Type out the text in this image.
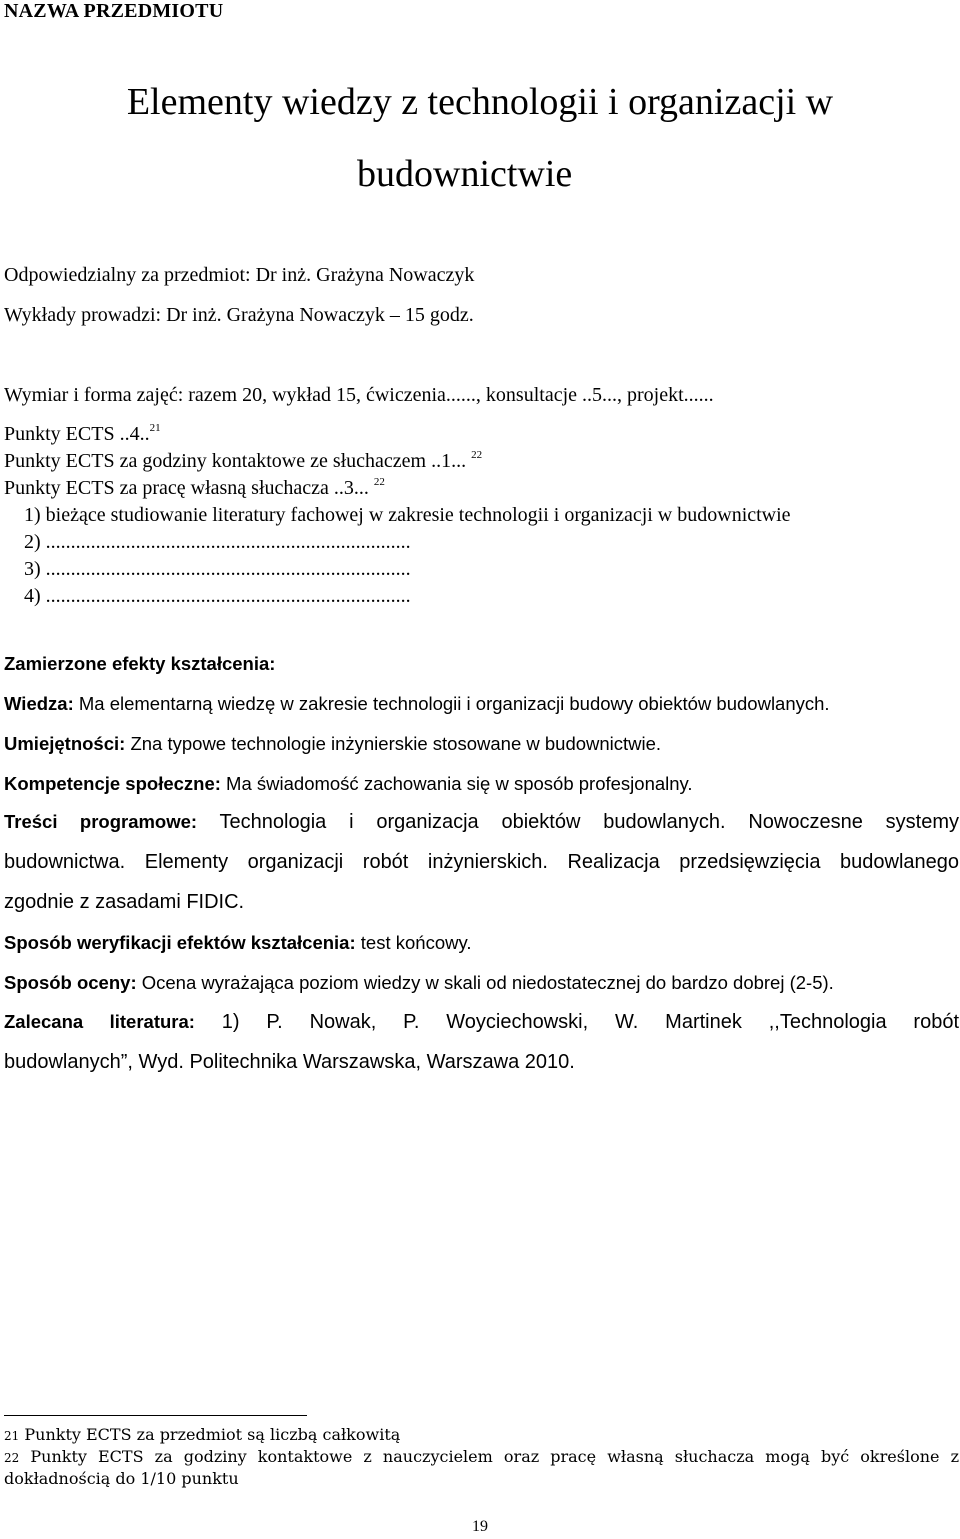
NAZWA PRZEDMIOTU
Elementy wiedzy z technologii i organizacji w
budownictwie
Odpowiedzialny za przedmiot: Dr inż. Grażyna Nowaczyk
Wykłady prowadzi: Dr inż. Grażyna Nowaczyk – 15 godz.
Wymiar i forma zajęć: razem 20, wykład 15, ćwiczenia......, konsultacje ..5..., projekt......
Punkty ECTS ..4..$^{21}$
Punkty ECTS za godziny kontaktowe ze słuchaczem ..1... $^{22}$
Punkty ECTS za pracę własną słuchacza ..3... $^{22}$
1) bieżące studiowanie literatury fachowej w zakresie technologii i organizacji w budownictwie
2) .........................................................................
3) .........................................................................
4) .........................................................................
Zamierzone efekty kształcenia:
Wiedza: Ma elementarną wiedzę w zakresie technologii i organizacji budowy obiektów budowlanych.
Umiejętności: Zna typowe technologie inżynierskie stosowane w budownictwie.
Kompetencje społeczne: Ma świadomość zachowania się w sposób profesjonalny.
Treści programowe: Technologia i organizacja obiektów budowlanych. Nowoczesne systemy
budownictwa. Elementy organizacji robót inżynierskich. Realizacja przedsięwzięcia budowlanego
zgodnie z zasadami FIDIC.
Sposób weryfikacji efektów kształcenia: test końcowy.
Sposób oceny: Ocena wyrażająca poziom wiedzy w skali od niedostatecznej do bardzo dobrej (2-5).
Zalecana literatura: 1) P. Nowak, P. Woyciechowski, W. Martinek ,,Technologia robót
budowlanych”, Wyd. Politechnika Warszawska, Warszawa 2010.
21 Punkty ECTS za przedmiot są liczbą całkowitą
22 Punkty ECTS za godziny kontaktowe z nauczycielem oraz pracę własną słuchacza mogą być określone z
dokładnością do 1/10 punktu
19
